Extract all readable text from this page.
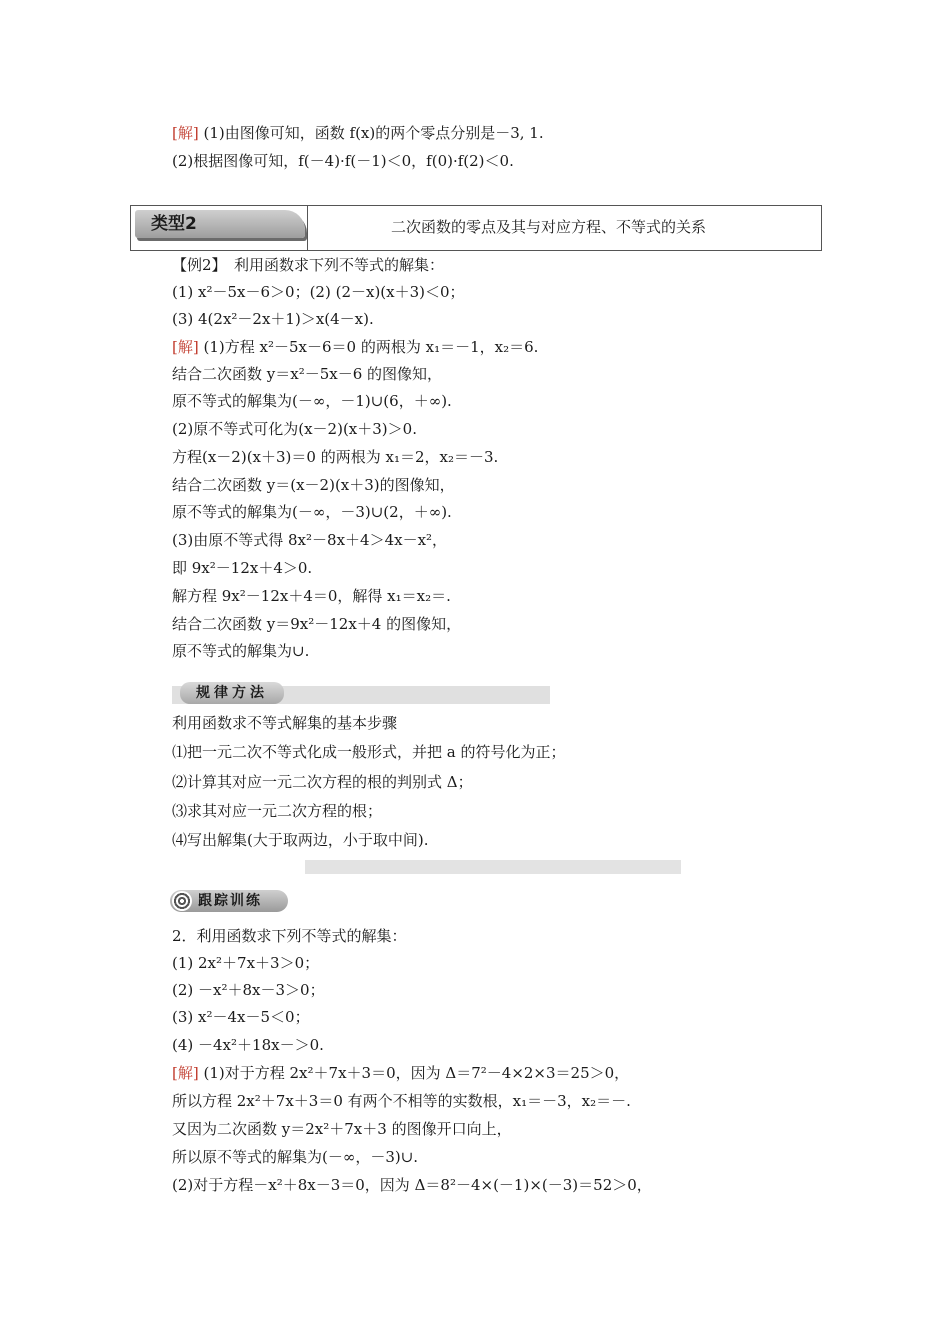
[解] (1)由图像可知，函数 f(x)的两个零点分别是－3, 1.
(2)根据图像可知，f(－4)·f(－1)＜0，f(0)·f(2)＜0.
类型2	二次函数的零点及其与对应方程、不等式的关系
【例2】　利用函数求下列不等式的解集：
(1) x²－5x－6＞0；(2) (2－x)(x＋3)＜0；
(3) 4(2x²－2x＋1)＞x(4－x).
[解] (1)方程 x²－5x－6＝0 的两根为 x₁＝－1，x₂＝6.
结合二次函数 y＝x²－5x－6 的图像知，
原不等式的解集为(－∞，－1)∪(6，＋∞).
(2)原不等式可化为(x－2)(x＋3)＞0.
方程(x－2)(x＋3)＝0 的两根为 x₁＝2，x₂＝－3.
结合二次函数 y＝(x－2)(x＋3)的图像知，
原不等式的解集为(－∞，－3)∪(2，＋∞).
(3)由原不等式得 8x²－8x＋4＞4x－x²，
即 9x²－12x＋4＞0.
解方程 9x²－12x＋4＝0，解得 x₁＝x₂＝.
结合二次函数 y＝9x²－12x＋4 的图像知，
原不等式的解集为∪.
规律方法
利用函数求不等式解集的基本步骤
⑴把一元二次不等式化成一般形式，并把 a 的符号化为正；
⑵计算其对应一元二次方程的根的判别式 Δ；
⑶求其对应一元二次方程的根；
⑷写出解集(大于取两边，小于取中间).
跟踪训练
2．利用函数求下列不等式的解集：
(1) 2x²＋7x＋3＞0；
(2) －x²＋8x－3＞0；
(3) x²－4x－5＜0；
(4) －4x²＋18x－＞0.
[解] (1)对于方程 2x²＋7x＋3＝0，因为 Δ＝7²－4×2×3＝25＞0，
所以方程 2x²＋7x＋3＝0 有两个不相等的实数根，x₁＝－3，x₂＝－.
又因为二次函数 y＝2x²＋7x＋3 的图像开口向上，
所以原不等式的解集为(－∞，－3)∪.
(2)对于方程－x²＋8x－3＝0，因为 Δ＝8²－4×(－1)×(－3)＝52＞0，
